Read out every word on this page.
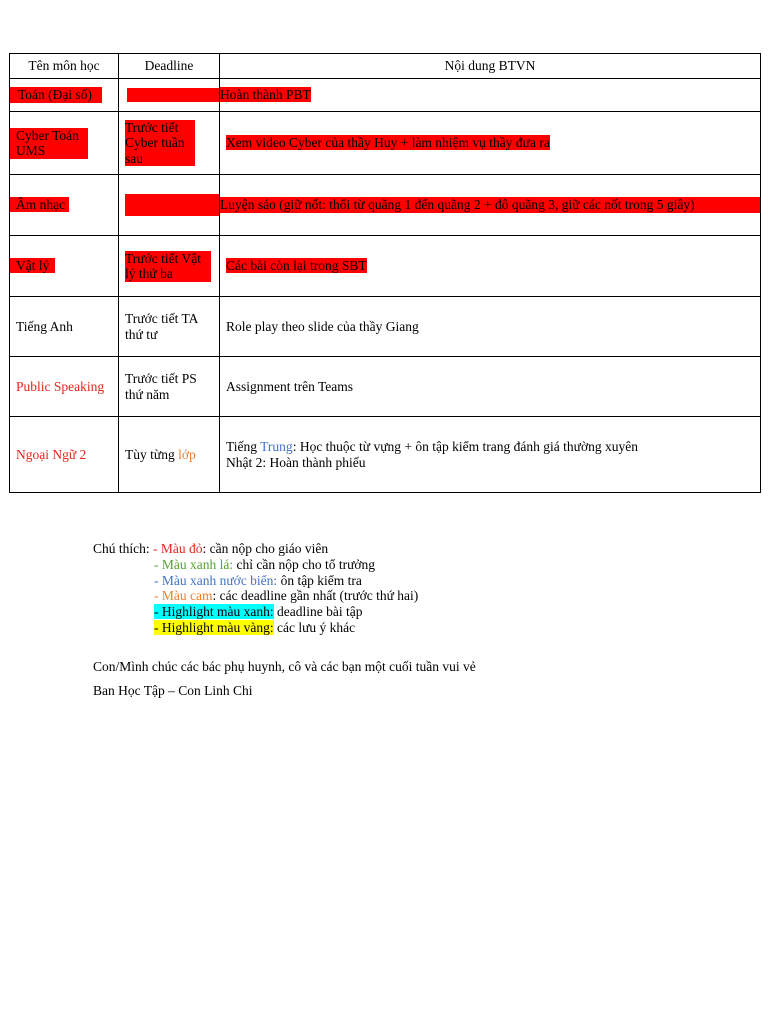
Tên môn học	Deadline	Nội dung BTVN
Toán (Đại số)		Hoàn thành PBT
Cyber Toán UMS	Trước tiết Cyber tuần sau	Xem video Cyber của thầy Huy + làm nhiệm vụ thầy đưa ra
Âm nhạc		Luyện sáo (giữ nốt: thổi từ quãng 1 đến quãng 2 + đô quãng 3, giữ các nốt trong 5 giây)

Vật lý	Trước tiết Vật lý thứ ba	Các bài còn lại trong SBT
Tiếng Anh	Trước tiết TA thứ tư	Role play theo slide của thầy Giang
Public Speaking	Trước tiết PS thứ năm	Assignment trên Teams
Ngoại Ngữ 2	Tùy từng lớp	Tiếng Trung: Học thuộc từ vựng + ôn tập kiểm trang đánh giá thường xuyên
Nhật 2: Hoàn thành phiếu
Chú thích: - Màu đỏ: cần nộp cho giáo viên
- Màu xanh lá: chỉ cần nộp cho tổ trưởng
- Màu xanh nước biển: ôn tập kiểm tra
- Màu cam: các deadline gần nhất (trước thứ hai)
- Highlight màu xanh: deadline bài tập
- Highlight màu vàng: các lưu ý khác
Con/Mình chúc các bác phụ huynh, cô và các bạn một cuối tuần vui vẻ
Ban Học Tập – Con Linh Chi
